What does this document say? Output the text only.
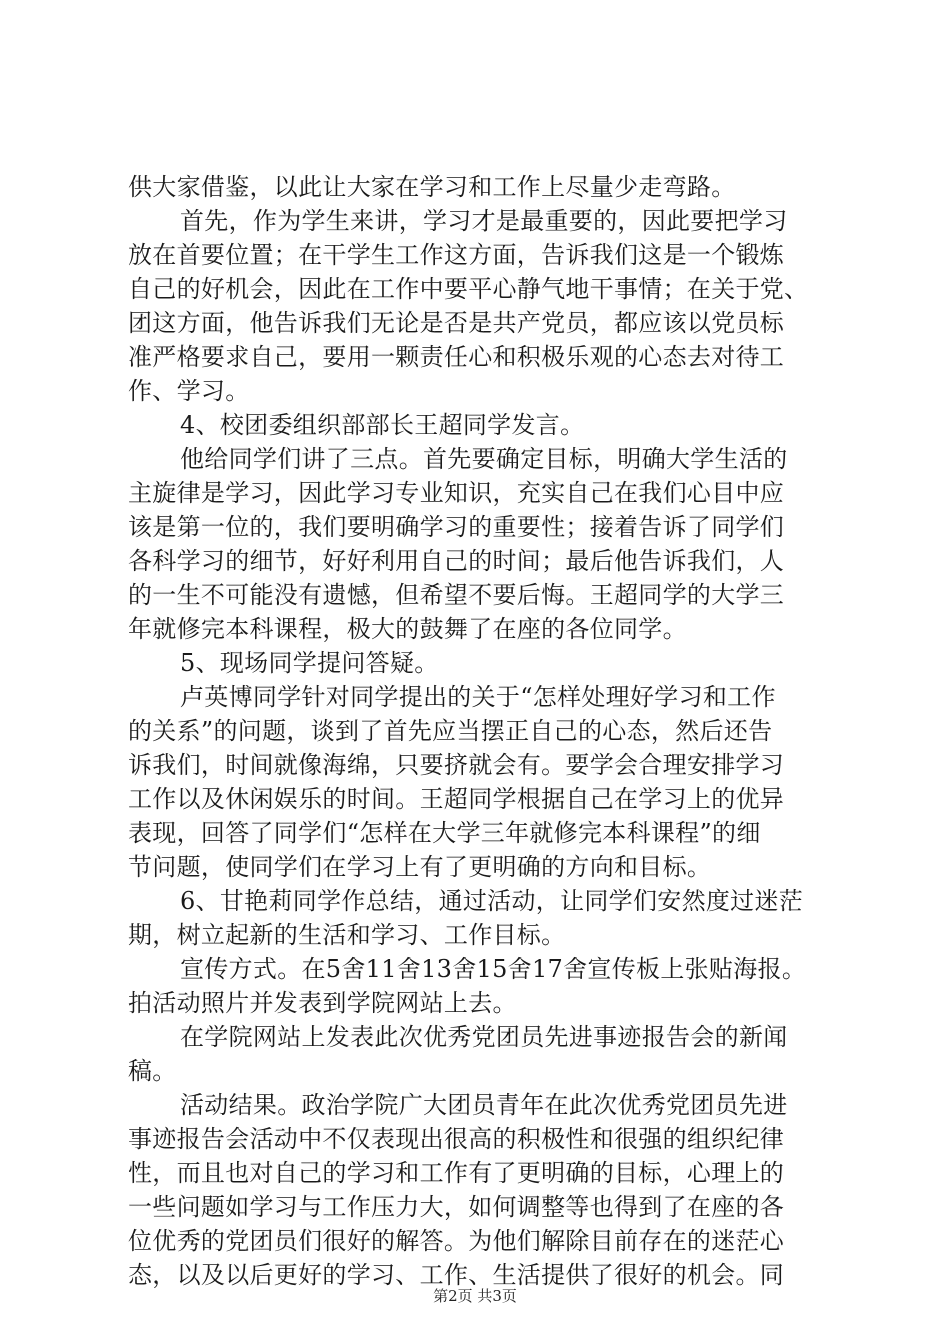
供大家借鉴，以此让大家在学习和工作上尽量少走弯路。
首先，作为学生来讲，学习才是最重要的，因此要把学习
放在首要位置；在干学生工作这方面，告诉我们这是一个锻炼
自己的好机会，因此在工作中要平心静气地干事情；在关于党、
团这方面，他告诉我们无论是否是共产党员，都应该以党员标
准严格要求自己，要用一颗责任心和积极乐观的心态去对待工
作、学习。
4、校团委组织部部长王超同学发言。
他给同学们讲了三点。首先要确定目标，明确大学生活的
主旋律是学习，因此学习专业知识，充实自己在我们心目中应
该是第一位的，我们要明确学习的重要性；接着告诉了同学们
各科学习的细节，好好利用自己的时间；最后他告诉我们，人
的一生不可能没有遗憾，但希望不要后悔。王超同学的大学三
年就修完本科课程，极大的鼓舞了在座的各位同学。
5、现场同学提问答疑。
卢英博同学针对同学提出的关于“怎样处理好学习和工作
的关系”的问题，谈到了首先应当摆正自己的心态，然后还告
诉我们，时间就像海绵，只要挤就会有。要学会合理安排学习
工作以及休闲娱乐的时间。王超同学根据自己在学习上的优异
表现，回答了同学们“怎样在大学三年就修完本科课程”的细
节问题，使同学们在学习上有了更明确的方向和目标。
6、甘艳莉同学作总结，通过活动，让同学们安然度过迷茫
期，树立起新的生活和学习、工作目标。
宣传方式。在5舍11舍13舍15舍17舍宣传板上张贴海报。
拍活动照片并发表到学院网站上去。
在学院网站上发表此次优秀党团员先进事迹报告会的新闻
稿。
活动结果。政治学院广大团员青年在此次优秀党团员先进
事迹报告会活动中不仅表现出很高的积极性和很强的组织纪律
性，而且也对自己的学习和工作有了更明确的目标，心理上的
一些问题如学习与工作压力大，如何调整等也得到了在座的各
位优秀的党团员们很好的解答。为他们解除目前存在的迷茫心
态，以及以后更好的学习、工作、生活提供了很好的机会。同
第2页 共3页
